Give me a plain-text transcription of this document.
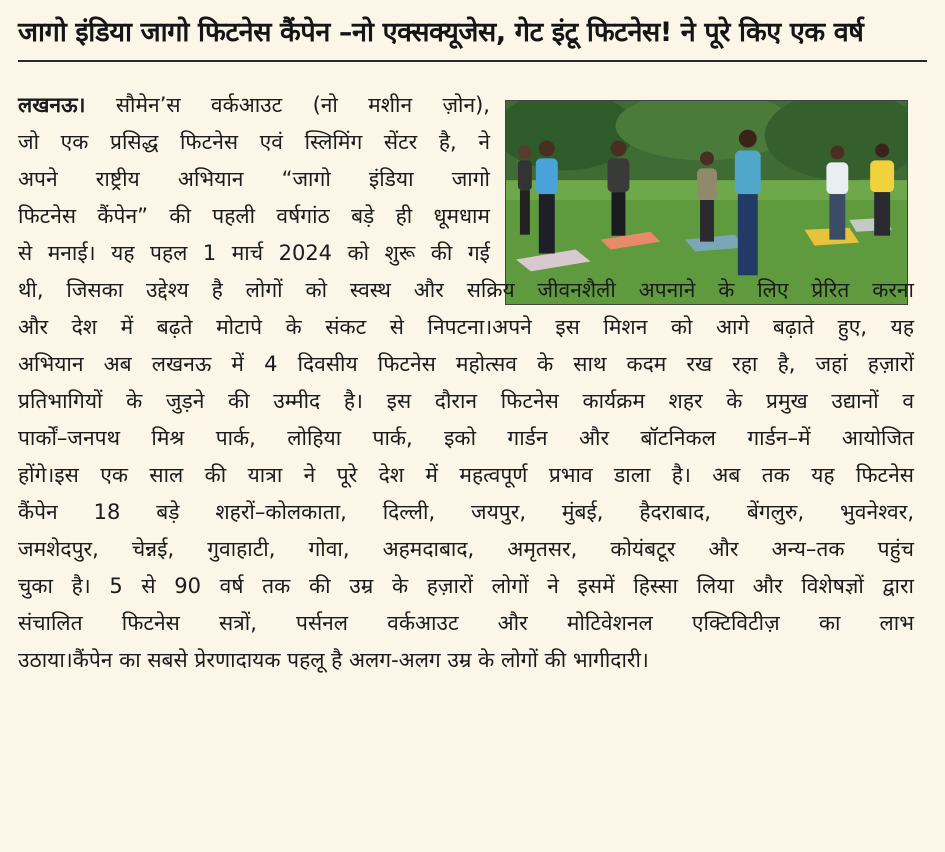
जागो इंडिया जागो फिटनेस कैंपेन –नो एक्सक्यूजेस, गेट इंटू फिटनेस! ने पूरे किए एक वर्ष
लखनऊ। सौमेन’स वर्कआउट (नो मशीन ज़ोन),
जो एक प्रसिद्ध फिटनेस एवं स्लिमिंग सेंटर है, ने
अपने राष्ट्रीय अभियान “जागो इंडिया जागो
फिटनेस कैंपेन” की पहली वर्षगांठ बड़े ही धूमधाम
से मनाई। यह पहल 1 मार्च 2024 को शुरू की गई
थी, जिसका उद्देश्य है लोगों को स्वस्थ और सक्रिय जीवनशैली अपनाने के लिए प्रेरित करना
और देश में बढ़ते मोटापे के संकट से निपटना।अपने इस मिशन को आगे बढ़ाते हुए, यह
अभियान अब लखनऊ में 4 दिवसीय फिटनेस महोत्सव के साथ कदम रख रहा है, जहां हज़ारों
प्रतिभागियों के जुड़ने की उम्मीद है। इस दौरान फिटनेस कार्यक्रम शहर के प्रमुख उद्यानों व
पार्कों–जनपथ मिश्र पार्क, लोहिया पार्क, इको गार्डन और बॉटनिकल गार्डन–में आयोजित
होंगे।इस एक साल की यात्रा ने पूरे देश में महत्वपूर्ण प्रभाव डाला है। अब तक यह फिटनेस
कैंपेन 18 बड़े शहरों–कोलकाता, दिल्ली, जयपुर, मुंबई, हैदराबाद, बेंगलुरु, भुवनेश्वर,
जमशेदपुर, चेन्नई, गुवाहाटी, गोवा, अहमदाबाद, अमृतसर, कोयंबटूर और अन्य–तक पहुंच
चुका है। 5 से 90 वर्ष तक की उम्र के हज़ारों लोगों ने इसमें हिस्सा लिया और विशेषज्ञों द्वारा
संचालित फिटनेस सत्रों, पर्सनल वर्कआउट और मोटिवेशनल एक्टिविटीज़ का लाभ
उठाया।कैंपेन का सबसे प्रेरणादायक पहलू है अलग-अलग उम्र के लोगों की भागीदारी।
